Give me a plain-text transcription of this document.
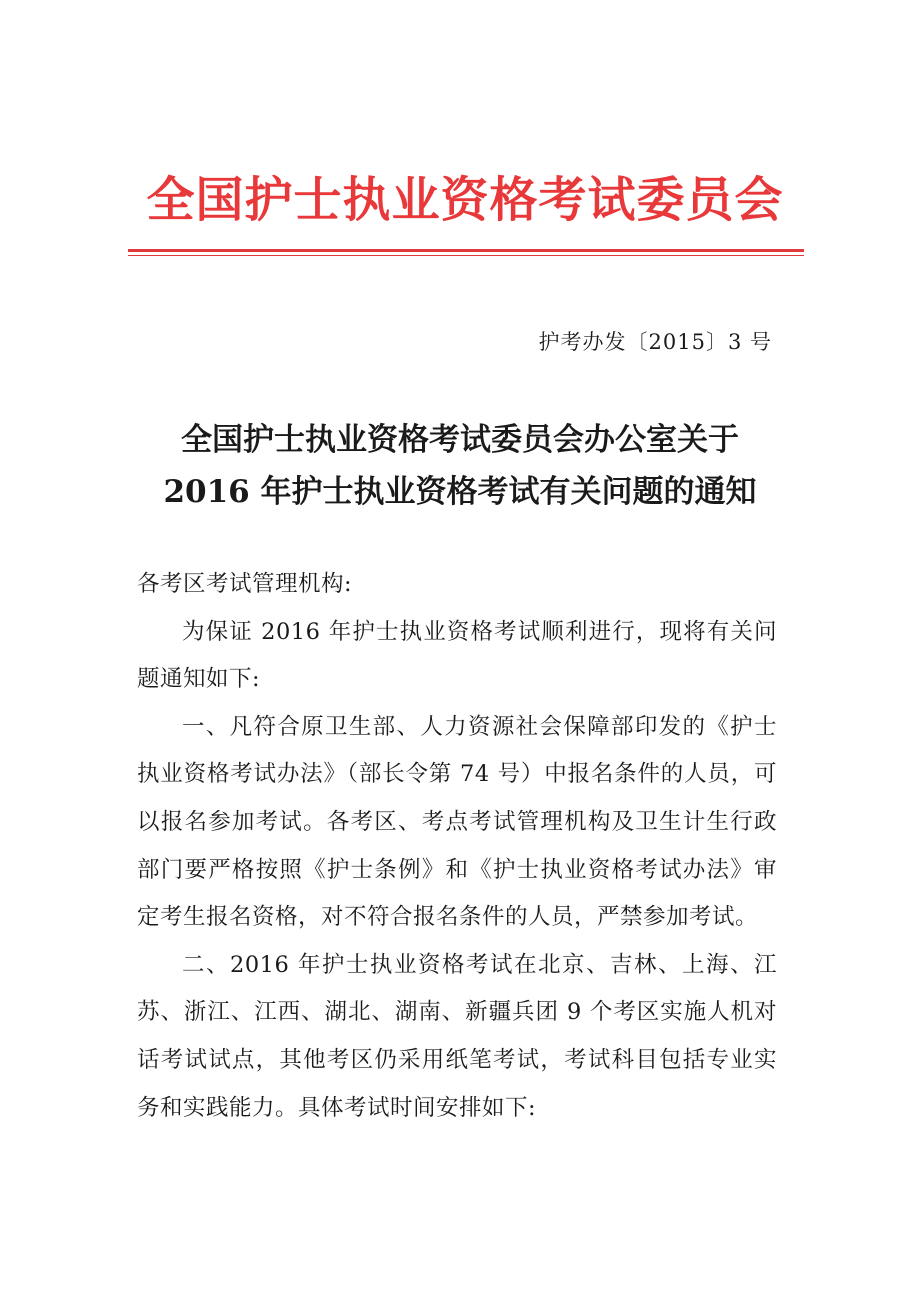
全国护士执业资格考试委员会
护考办发〔2015〕3 号
全国护士执业资格考试委员会办公室关于
2016 年护士执业资格考试有关问题的通知

各考区考试管理机构:

为保证 2016 年护士执业资格考试顺利进行，现将有关问题通知如下:

一、凡符合原卫生部、人力资源社会保障部印发的《护士执业资格考试办法》（部长令第 74 号）中报名条件的人员，可以报名参加考试。各考区、考点考试管理机构及卫生计生行政部门要严格按照《护士条例》和《护士执业资格考试办法》审定考生报名资格，对不符合报名条件的人员，严禁参加考试。

二、2016 年护士执业资格考试在北京、吉林、上海、江苏、浙江、江西、湖北、湖南、新疆兵团 9 个考区实施人机对话考试试点，其他考区仍采用纸笔考试，考试科目包括专业实务和实践能力。具体考试时间安排如下:
